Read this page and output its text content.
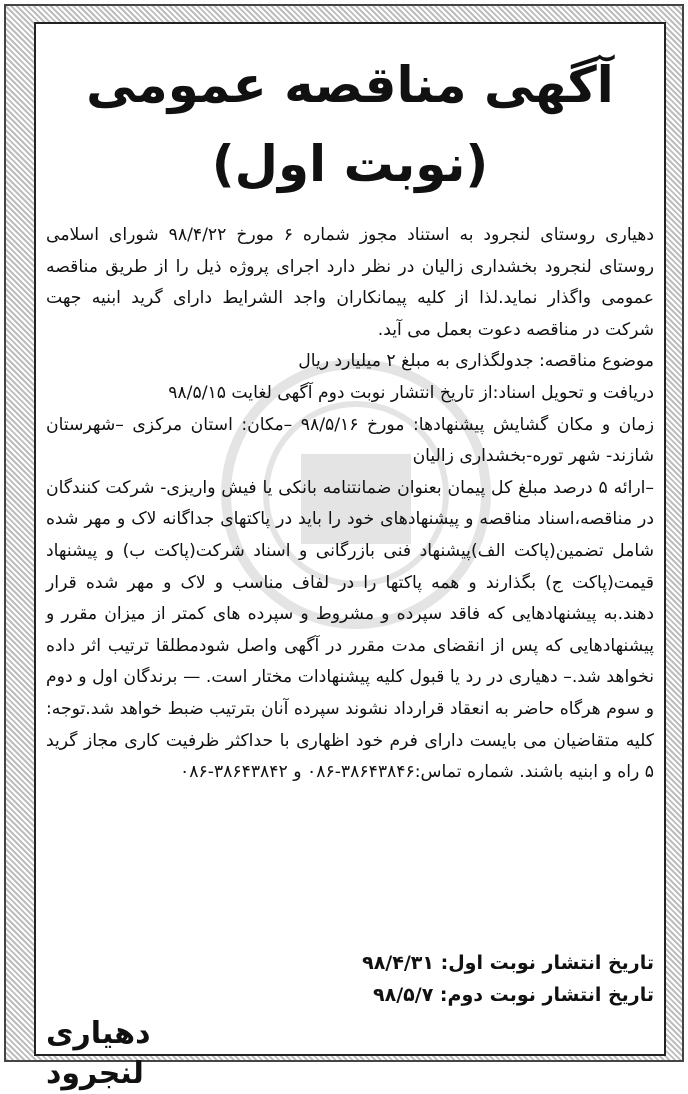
آگهی مناقصه عمومی
(نوبت اول)

دهیاری روستای لنجرود به استناد مجوز شماره ۶ مورخ ۹۸/۴/۲۲ شورای اسلامی روستای لنجرود بخشداری زالیان در نظر دارد اجرای پروژه ذیل را از طریق مناقصه عمومی واگذار نماید.لذا از کلیه پیمانکاران واجد الشرایط دارای گرید ابنیه جهت شرکت در مناقصه دعوت بعمل می آید.

موضوع مناقصه: جدولگذاری به مبلغ ۲ میلیارد ریال

دریافت و تحویل اسناد:از تاریخ انتشار نوبت دوم آگهی لغایت ۹۸/۵/۱۵

زمان و مکان گشایش پیشنهادها: مورخ ۹۸/۵/۱۶ –مکان: استان مرکزی –شهرستان شازند- شهر توره-بخشداری زالیان

–ارائه ۵ درصد مبلغ کل پیمان بعنوان ضمانتنامه بانکی یا فیش واریزی- شرکت کنندگان در مناقصه،اسناد مناقصه و پیشنهادهای خود را باید در پاکتهای جداگانه لاک و مهر شده شامل تضمین(پاکت الف)پیشنهاد فنی بازرگانی و اسناد شرکت(پاکت ب) و پیشنهاد قیمت(پاکت ج) بگذارند و همه پاکتها را در لفاف مناسب و لاک و مهر شده قرار دهند.به پیشنهادهایی که فاقد سپرده و مشروط و سپرده های کمتر از میزان مقرر و پیشنهادهایی که پس از انقضای مدت مقرر در آگهی واصل شودمطلقا ترتیب اثر داده نخواهد شد.– دهیاری در رد یا قبول کلیه پیشنهادات مختار است. — برندگان اول و دوم و سوم هرگاه حاضر به انعقاد قرارداد نشوند سپرده آنان بترتیب ضبط خواهد شد.توجه: کلیه متقاضیان می بایست دارای فرم خود اظهاری با حداکثر ظرفیت کاری مجاز گرید ۵ راه و ابنیه باشند. شماره تماس:۳۸۶۴۳۸۴۶-۰۸۶ و ۳۸۶۴۳۸۴۲-۰۸۶

تاریخ انتشار نوبت اول: ۹۸/۴/۳۱
تاریخ انتشار نوبت دوم: ۹۸/۵/۷
دهیاری لنجرود
